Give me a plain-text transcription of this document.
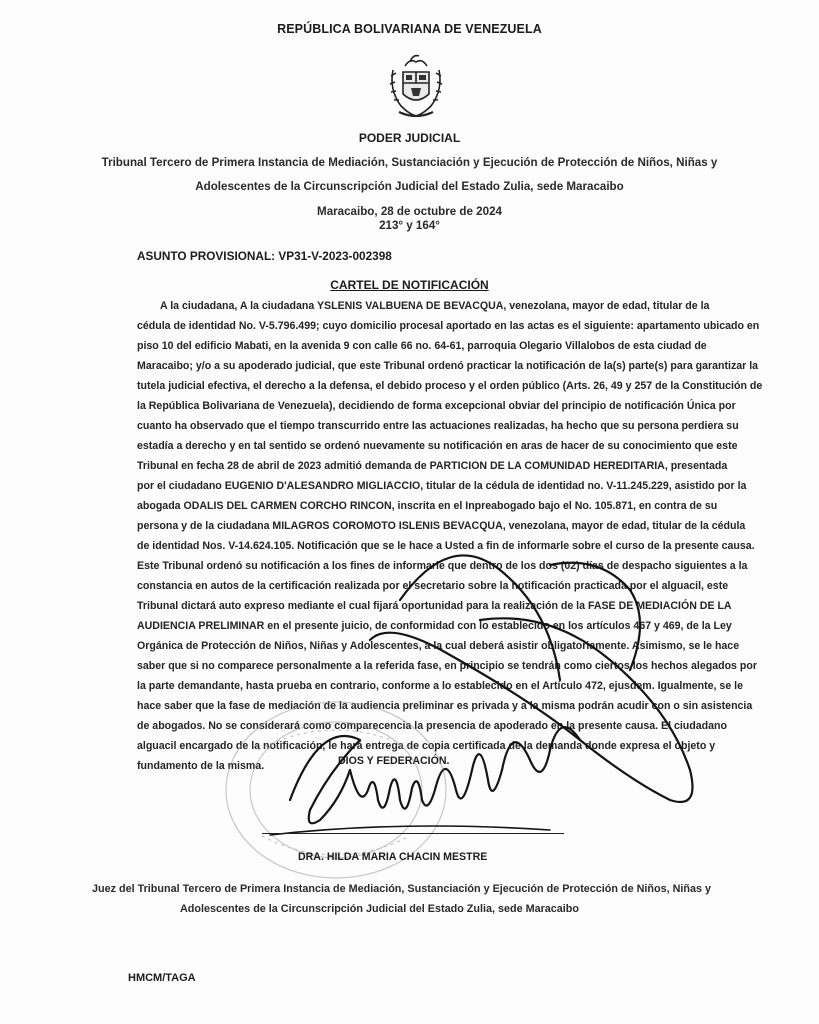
REPÚBLICA BOLIVARIANA DE VENEZUELA
PODER JUDICIAL
Tribunal Tercero de Primera Instancia de Mediación, Sustanciación y Ejecución de Protección de Niños, Niñas y
Adolescentes de la Circunscripción Judicial del Estado Zulia, sede Maracaibo
Maracaibo, 28 de octubre de 2024
213° y 164°
ASUNTO PROVISIONAL: VP31-V-2023-002398
CARTEL DE NOTIFICACIÓN
A la ciudadana, A la ciudadana YSLENIS VALBUENA DE BEVACQUA, venezolana, mayor de edad, titular de la
cédula de identidad No. V-5.796.499; cuyo domicilio procesal aportado en las actas es el siguiente: apartamento ubicado en
piso 10 del edificio Mabati, en la avenida 9 con calle 66 no. 64-61, parroquia Olegario Villalobos de esta ciudad de
Maracaibo; y/o a su apoderado judicial, que este Tribunal ordenó practicar la notificación de la(s) parte(s) para garantizar la
tutela judicial efectiva, el derecho a la defensa, el debido proceso y el orden público (Arts. 26, 49 y 257 de la Constitución de
la República Bolivariana de Venezuela), decidiendo de forma excepcional obviar del principio de notificación Única por
cuanto ha observado que el tiempo transcurrido entre las actuaciones realizadas, ha hecho que su persona perdiera su
estadía a derecho y en tal sentido se ordenó nuevamente su notificación en aras de hacer de su conocimiento que este
Tribunal en fecha 28 de abril de 2023 admitió demanda de PARTICION DE LA COMUNIDAD HEREDITARIA, presentada
por el ciudadano EUGENIO D'ALESANDRO MIGLIACCIO, titular de la cédula de identidad no. V-11.245.229, asistido por la
abogada ODALIS DEL CARMEN CORCHO RINCON, inscrita en el Inpreabogado bajo el No. 105.871, en contra de su
persona y de la ciudadana MILAGROS COROMOTO ISLENIS BEVACQUA, venezolana, mayor de edad, titular de la cédula
de identidad Nos. V-14.624.105. Notificación que se le hace a Usted a fin de informarle sobre el curso de la presente causa.
Este Tribunal ordenó su notificación a los fines de informarle que dentro de los dos (02) días de despacho siguientes a la
constancia en autos de la certificación realizada por el secretario sobre la notificación practicada por el alguacil, este
Tribunal dictará auto expreso mediante el cual fijará oportunidad para la realización de la FASE DE MEDIACIÓN DE LA
AUDIENCIA PRELIMINAR en el presente juicio, de conformidad con lo establecido en los artículos 467 y 469, de la Ley
Orgánica de Protección de Niños, Niñas y Adolescentes, a la cual deberá asistir obligatoriamente. Asimismo, se le hace
saber que si no comparece personalmente a la referida fase, en principio se tendrán como ciertos los hechos alegados por
la parte demandante, hasta prueba en contrario, conforme a lo establecido en el Artículo 472, ejusdem. Igualmente, se le
hace saber que la fase de mediación de la audiencia preliminar es privada y a la misma podrán acudir con o sin asistencia
de abogados. No se considerará como comparecencia la presencia de apoderado en la presente causa. El ciudadano
alguacil encargado de la notificación, le hará entrega de copia certificada de la demanda donde expresa el objeto y
fundamento de la misma.	DIOS Y FEDERACIÓN.
DRA. HILDA MARIA CHACIN MESTRE
Juez del Tribunal Tercero de Primera Instancia de Mediación, Sustanciación y Ejecución de Protección de Niños, Niñas y
Adolescentes de la Circunscripción Judicial del Estado Zulia, sede Maracaibo
HMCM/TAGA
